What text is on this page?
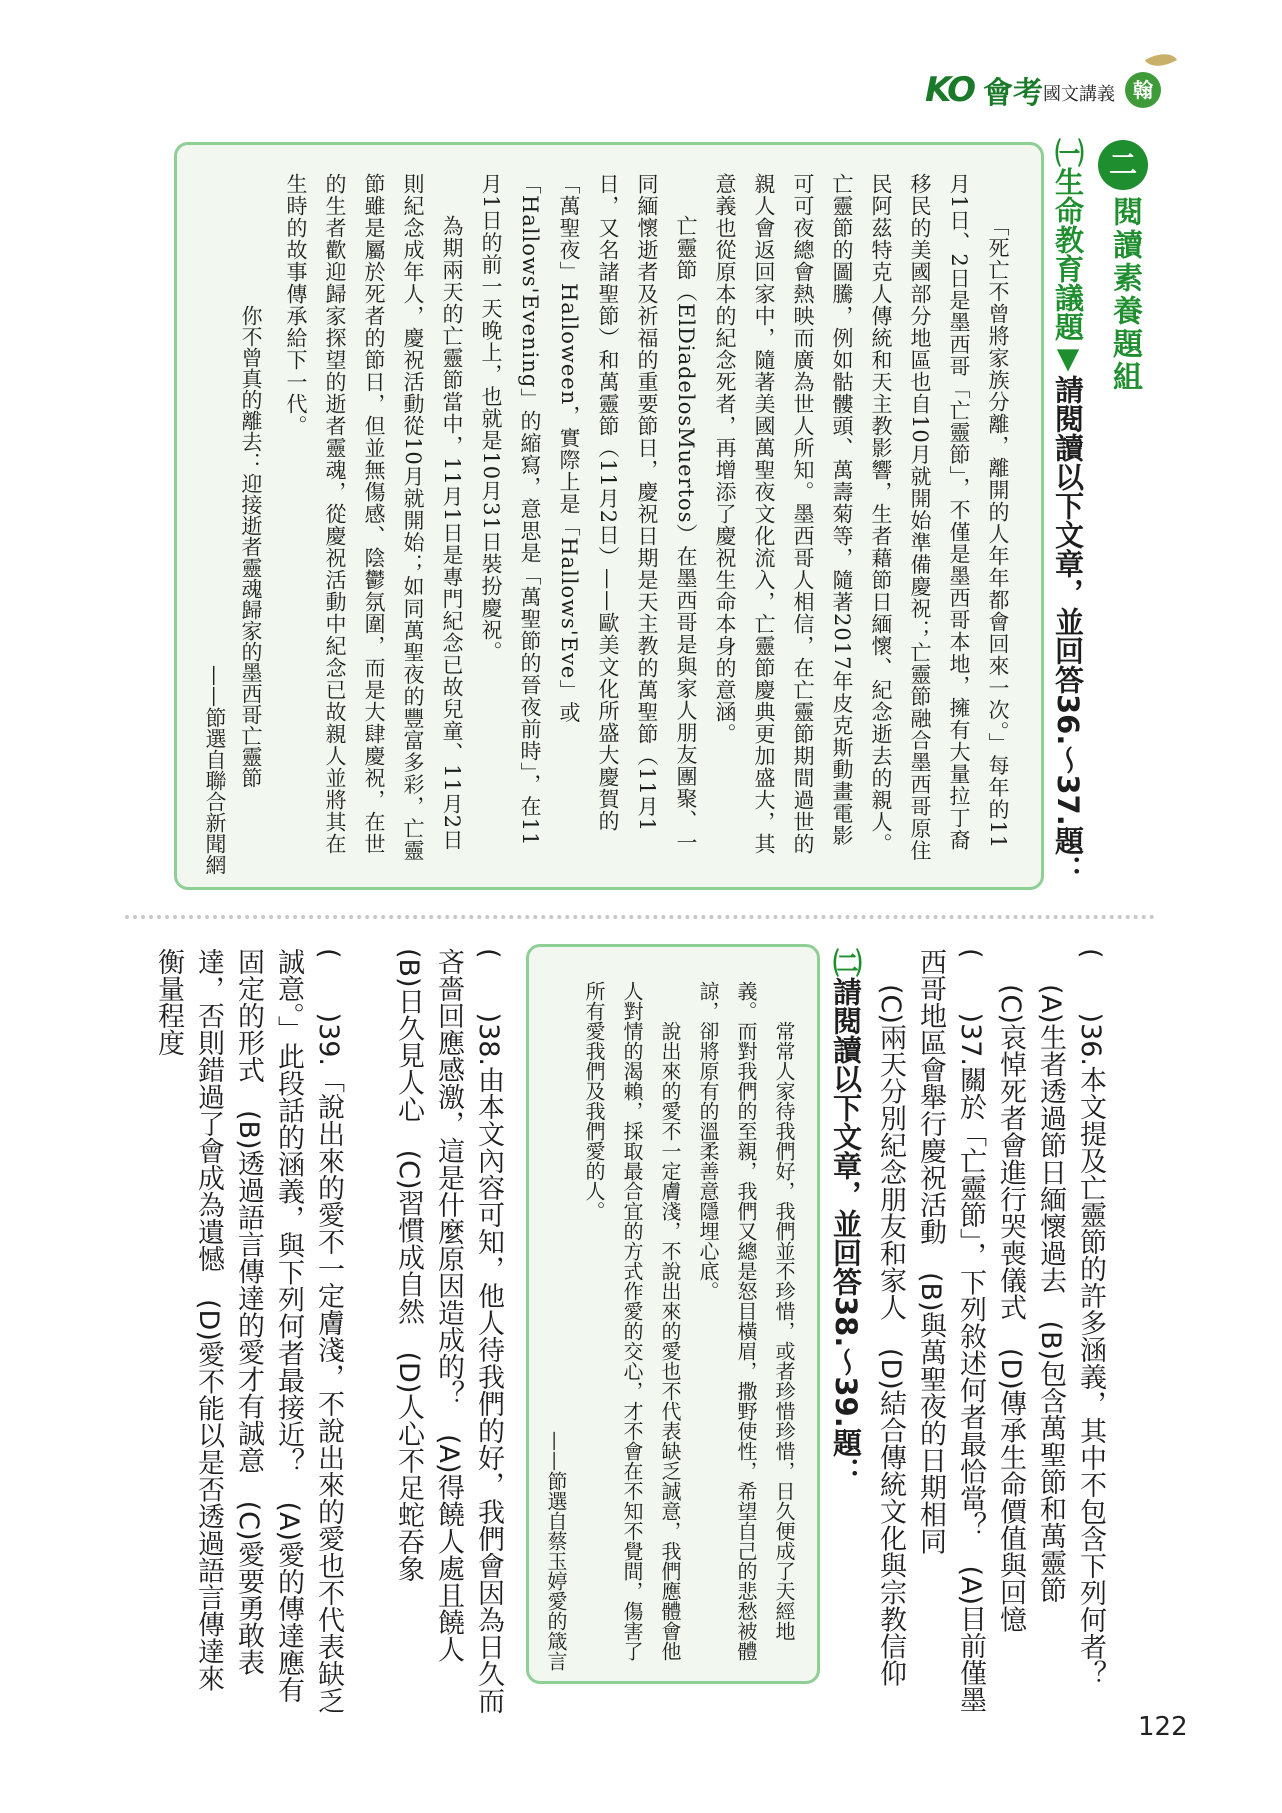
KO 會考 國文講義 翰
二
閱讀素養題組
㈠生命教育議題▼請閱讀以下文章，並回答36.～37.題：

「死亡不曾將家族分離，離開的人年年都會回來一次。」每年的11月1日、2日是墨西哥「亡靈節」，不僅是墨西哥本地，擁有大量拉丁裔移民的美國部分地區也自10月就開始準備慶祝；亡靈節融合墨西哥原住民阿茲特克人傳統和天主教影響，生者藉節日緬懷、紀念逝去的親人。亡靈節的圖騰，例如骷髏頭、萬壽菊等，隨著2017年皮克斯動畫電影可可夜總會熱映而廣為世人所知。墨西哥人相信，在亡靈節期間過世的親人會返回家中，隨著美國萬聖夜文化流入，亡靈節慶典更加盛大，其意義也從原本的紀念死者，再增添了慶祝生命本身的意涵。

亡靈節（ElDiadelosMuertos）在墨西哥是與家人朋友團聚、一同緬懷逝者及祈福的重要節日，慶祝日期是天主教的萬聖節（11月1日，又名諸聖節）和萬靈節（11月2日）——歐美文化所盛大慶賀的「萬聖夜」Halloween，實際上是「Hallows'Eve」或「Hallows'Evening」的縮寫，意思是「萬聖節的晉夜前時」，在11月1日的前一天晚上，也就是10月31日裝扮慶祝。

為期兩天的亡靈節當中，11月1日是專門紀念已故兒童、11月2日則紀念成年人，慶祝活動從10月就開始；如同萬聖夜的豐富多彩，亡靈節雖是屬於死者的節日，但並無傷感、陰鬱氛圍，而是大肆慶祝，在世的生者歡迎歸家探望的逝者靈魂，從慶祝活動中紀念已故親人並將其在生時的故事傳承給下一代。

你不曾真的離去：迎接逝者靈魂歸家的墨西哥亡靈節
——節選自聯合新聞網
(　　)36.本文提及亡靈節的許多涵義，其中不包含下列何者？
(A)生者透過節日緬懷過去　(B)包含萬聖節和萬靈節
(C)哀悼死者會進行哭喪儀式　(D)傳承生命價值與回憶
(　　)37.關於「亡靈節」，下列敘述何者最恰當？　(A)目前僅墨西哥地區會舉行慶祝活動　(B)與萬聖夜的日期相同
(C)兩天分別紀念朋友和家人　(D)結合傳統文化與宗教信仰
㈡請閱讀以下文章，並回答38.～39.題：

常常人家待我們好，我們並不珍惜，或者珍惜珍惜，日久便成了天經地義。而對我們的至親，我們又總是怒目橫眉，撒野使性，希望自己的悲愁被體諒，卻將原有的溫柔善意隱埋心底。

說出來的愛不一定膚淺，不說出來的愛也不代表缺乏誠意，我們應體會他人對情的渴賴，採取最合宜的方式作愛的交心，才不會在不知不覺間，傷害了所有愛我們及我們愛的人。

——節選自蔡玉婷愛的箴言
(　　)38.由本文內容可知，他人待我們的好，我們會因為日久而吝嗇回應感激，這是什麼原因造成的？　(A)得饒人處且饒人　(B)日久見人心　(C)習慣成自然　(D)人心不足蛇吞象
(　　)39.「說出來的愛不一定膚淺，不說出來的愛也不代表缺乏誠意。」此段話的涵義，與下列何者最接近？　(A)愛的傳達應有固定的形式　(B)透過語言傳達的愛才有誠意　(C)愛要勇敢表達，否則錯過了會成為遺憾　(D)愛不能以是否透過語言傳達來衡量程度
122
